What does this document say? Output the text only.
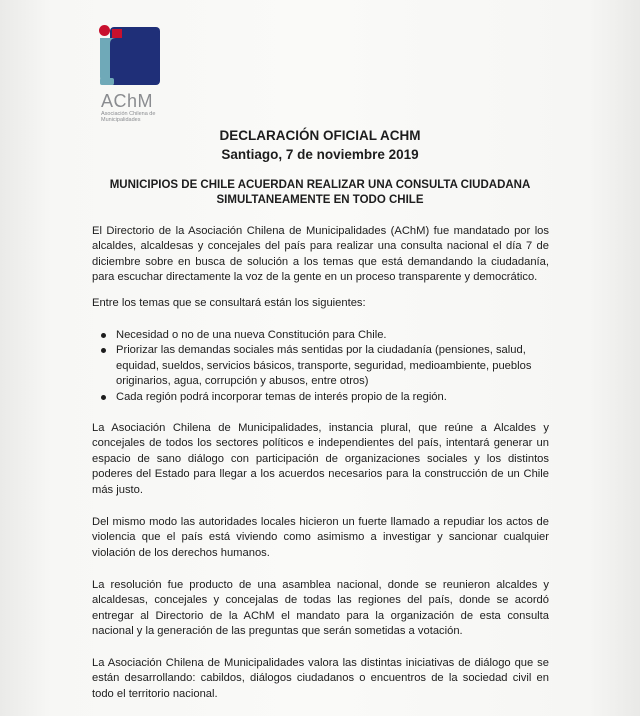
AChM
Asociación Chilena de Municipalidades
DECLARACIÓN OFICIAL ACHM
Santiago, 7 de noviembre 2019
MUNICIPIOS DE CHILE ACUERDAN REALIZAR UNA CONSULTA CIUDADANA
SIMULTANEAMENTE EN TODO CHILE

El Directorio de la Asociación Chilena de Municipalidades (AChM) fue mandatado por los alcaldes, alcaldesas y concejales del país para realizar una consulta nacional el día 7 de diciembre sobre en busca de solución a los temas que está demandando la ciudadanía, para escuchar directamente la voz de la gente en un proceso transparente y democrático.

Entre los temas que se consultará están los siguientes:

Necesidad o no de una nueva Constitución para Chile.
Priorizar las demandas sociales más sentidas por la ciudadanía (pensiones, salud, equidad, sueldos, servicios básicos, transporte, seguridad, medioambiente, pueblos originarios, agua, corrupción y abusos, entre otros)
Cada región podrá incorporar temas de interés propio de la región.

La Asociación Chilena de Municipalidades, instancia plural, que reúne a Alcaldes y concejales de todos los sectores políticos e independientes del país, intentará generar un espacio de sano diálogo con participación de organizaciones sociales y los distintos poderes del Estado para llegar a los acuerdos necesarios para la construcción de un Chile más justo.

Del mismo modo las autoridades locales hicieron un fuerte llamado a repudiar los actos de violencia que el país está viviendo como asimismo a investigar y sancionar cualquier violación de los derechos humanos.

La resolución fue producto de una asamblea nacional, donde se reunieron alcaldes y alcaldesas, concejales y concejalas de todas las regiones del país, donde se acordó entregar al Directorio de la AChM el mandato para la organización de esta consulta nacional y la generación de las preguntas que serán sometidas a votación.

La Asociación Chilena de Municipalidades valora las distintas iniciativas de diálogo que se están desarrollando: cabildos, diálogos ciudadanos o encuentros de la sociedad civil en todo el territorio nacional.
